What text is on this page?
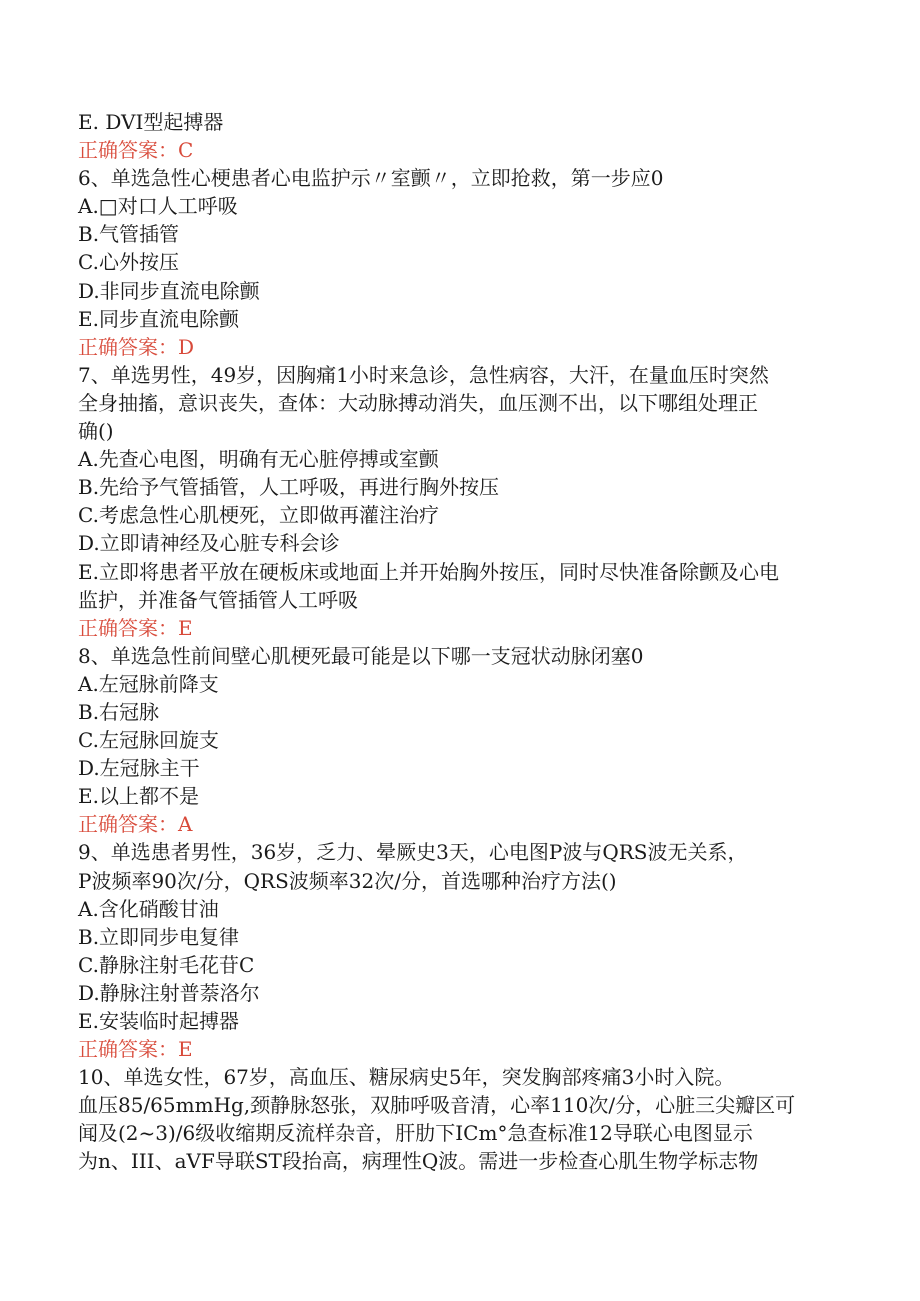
E. DVI型起搏器
正确答案：C
6、单选急性心梗患者心电监护示〃室颤〃，立即抢救，第一步应0
A.□对口人工呼吸
B.气管插管
C.心外按压
D.非同步直流电除颤
E.同步直流电除颤
正确答案：D
7、单选男性，49岁，因胸痛1小时来急诊，急性病容，大汗，在量血压时突然
全身抽搐，意识丧失，查体：大动脉搏动消失，血压测不出，以下哪组处理正
确()
A.先查心电图，明确有无心脏停搏或室颤
B.先给予气管插管，人工呼吸，再进行胸外按压
C.考虑急性心肌梗死，立即做再灌注治疗
D.立即请神经及心脏专科会诊
E.立即将患者平放在硬板床或地面上并开始胸外按压，同时尽快准备除颤及心电
监护，并准备气管插管人工呼吸
正确答案：E
8、单选急性前间壁心肌梗死最可能是以下哪一支冠状动脉闭塞0
A.左冠脉前降支
B.右冠脉
C.左冠脉回旋支
D.左冠脉主干
E.以上都不是
正确答案：A
9、单选患者男性，36岁，乏力、晕厥史3天，心电图P波与QRS波无关系，
P波频率90次/分，QRS波频率32次/分，首选哪种治疗方法()
A.含化硝酸甘油
B.立即同步电复律
C.静脉注射毛花苷C
D.静脉注射普萘洛尔
E.安装临时起搏器
正确答案：E
10、单选女性，67岁，高血压、糖尿病史5年，突发胸部疼痛3小时入院。
血压85/65mmHg,颈静脉怒张，双肺呼吸音清，心率110次/分，心脏三尖瓣区可
闻及(2~3)/6级收缩期反流样杂音，肝肋下ICm°急查标准12导联心电图显示
为n、III、aVF导联ST段抬高，病理性Q波。需进一步检查心肌生物学标志物
